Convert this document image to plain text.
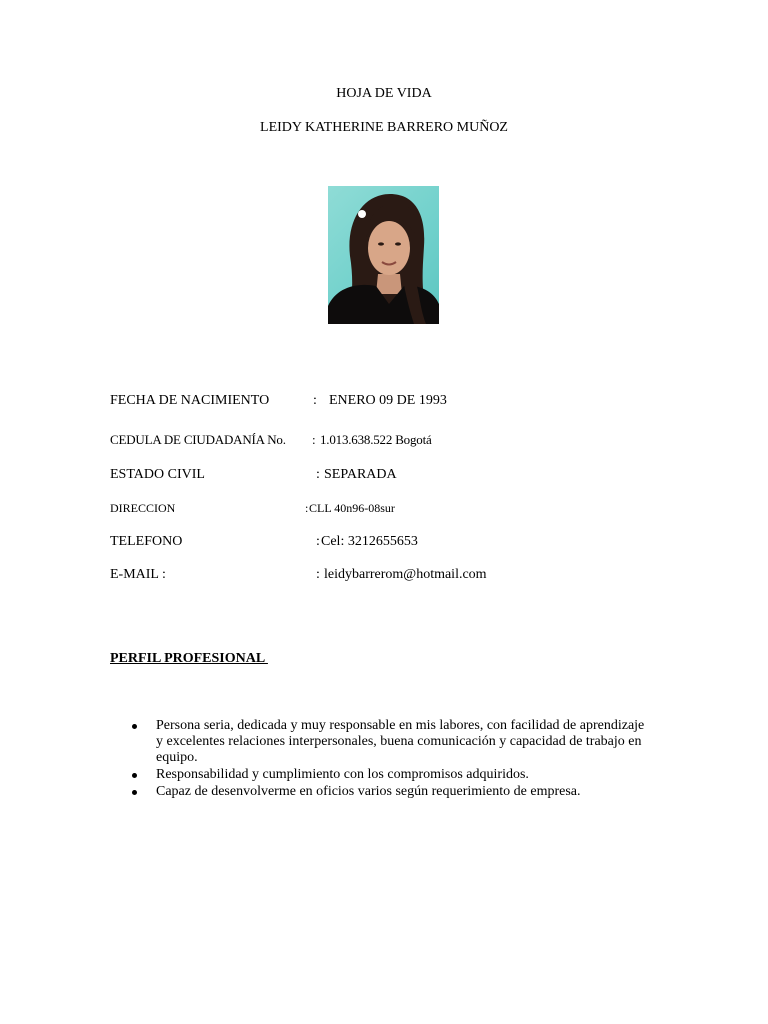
HOJA DE VIDA
LEIDY KATHERINE BARRERO MUÑOZ
FECHA DE NACIMIENTO	: ENERO 09 DE 1993
CEDULA DE CIUDADANÍA No. : 1.013.638.522 Bogotá
ESTADO CIVIL	: SEPARADA
DIRECCION	: CLL 40n96-08sur
TELEFONO	: Cel: 3212655653
E-MAIL :	: leidybarrerom@hotmail.com
PERFIL PROFESIONAL
Persona seria, dedicada y muy responsable en mis labores, con facilidad de aprendizaje y excelentes relaciones interpersonales, buena comunicación y capacidad de trabajo en equipo.
Responsabilidad y cumplimiento con los compromisos adquiridos.
Capaz de desenvolverme en oficios varios según requerimiento de empresa.
